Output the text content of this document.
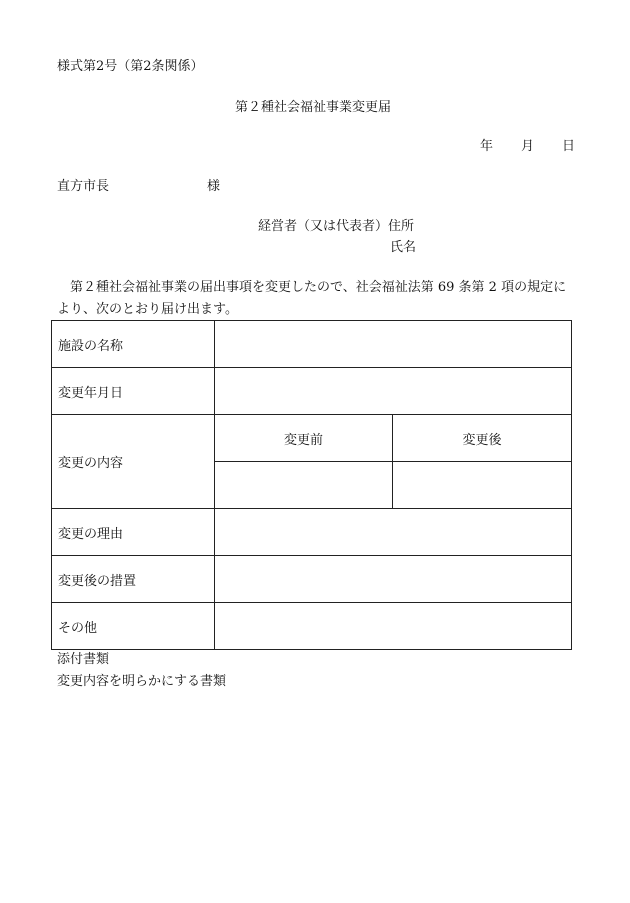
様式第2号（第2条関係）
第２種社会福祉事業変更届
年 月 日
直方市長	様
経営者（又は代表者）住所
氏名
第２種社会福祉事業の届出事項を変更したので、社会福祉法第 69 条第 2 項の規定により、次のとおり届け出ます。
施設の名称		
変更年月日		
変更の内容	変更前	変更後

変更の理由		
変更後の措置		
その他		
添付書類
変更内容を明らかにする書類
